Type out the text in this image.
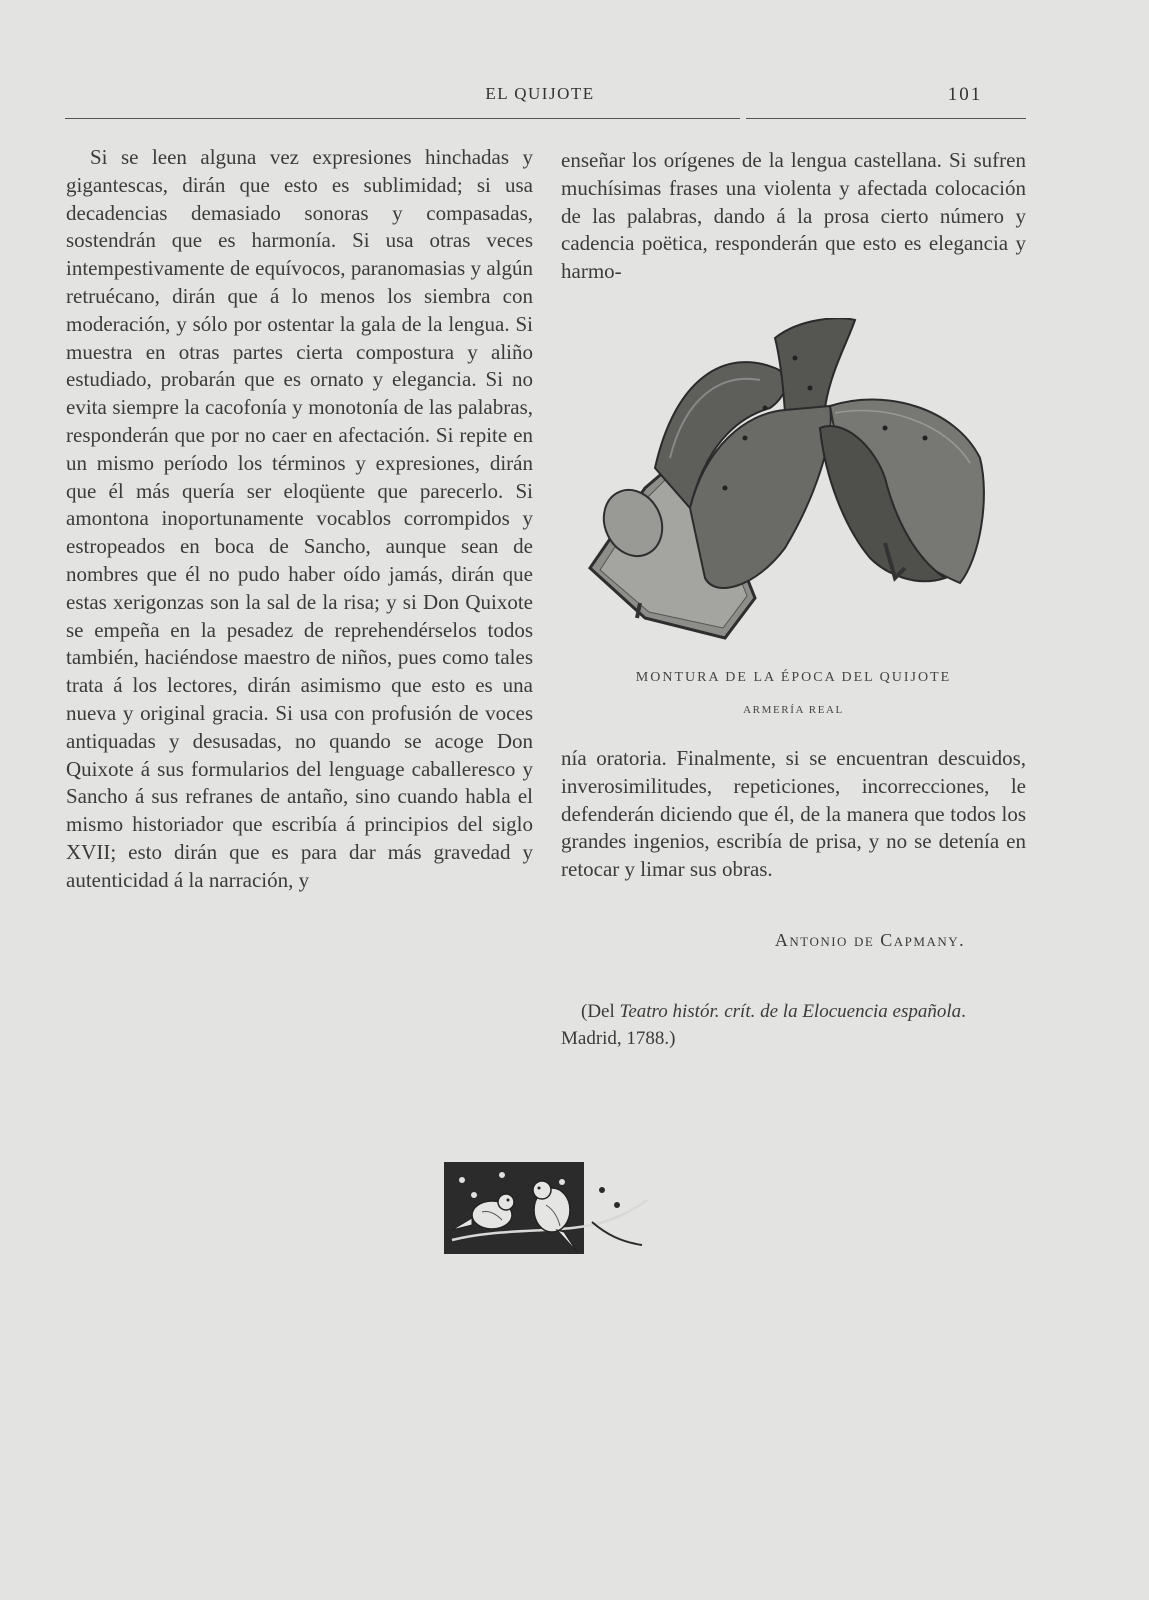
EL QUIJOTE	101

Si se leen alguna vez expresiones hinchadas y gigantescas, dirán que esto es sublimidad; si usa decadencias demasiado sonoras y compasadas, sostendrán que es harmonía. Si usa otras veces intempestivamente de equívocos, paranomasias y algún retruécano, dirán que á lo menos los siembra con moderación, y sólo por ostentar la gala de la lengua. Si muestra en otras partes cierta compostura y aliño estudiado, probarán que es ornato y elegancia. Si no evita siempre la cacofonía y monotonía de las palabras, responderán que por no caer en afectación. Si repite en un mismo período los términos y expresiones, dirán que él más quería ser eloqüente que parecerlo. Si amontona inoportunamente vocablos corrompidos y estropeados en boca de Sancho, aunque sean de nombres que él no pudo haber oído jamás, dirán que estas xerigonzas son la sal de la risa; y si Don Quixote se empeña en la pesadez de reprehendérselos todos también, haciéndose maestro de niños, pues como tales trata á los lectores, dirán asimismo que esto es una nueva y original gracia. Si usa con profusión de voces antiquadas y desusadas, no quando se acoge Don Quixote á sus formularios del lenguage caballeresco y Sancho á sus refranes de antaño, sino cuando habla el mismo historiador que escribía á principios del siglo XVII; esto dirán que es para dar más gravedad y autenticidad á la narración, y

enseñar los orígenes de la lengua castellana. Si sufren muchísimas frases una violenta y afectada colocación de las palabras, dando á la prosa cierto número y cadencia poëtica, responderán que esto es elegancia y harmo-

MONTURA DE LA ÉPOCA DEL QUIJOTE
ARMERÍA REAL

nía oratoria. Finalmente, si se encuentran descuidos, inverosimilitudes, repeticiones, incorrecciones, le defenderán diciendo que él, de la manera que todos los grandes ingenios, escribía de prisa, y no se detenía en retocar y limar sus obras.

Antonio de Capmany.

(Del Teatro histór. crít. de la Elocuencia española. Madrid, 1788.)
